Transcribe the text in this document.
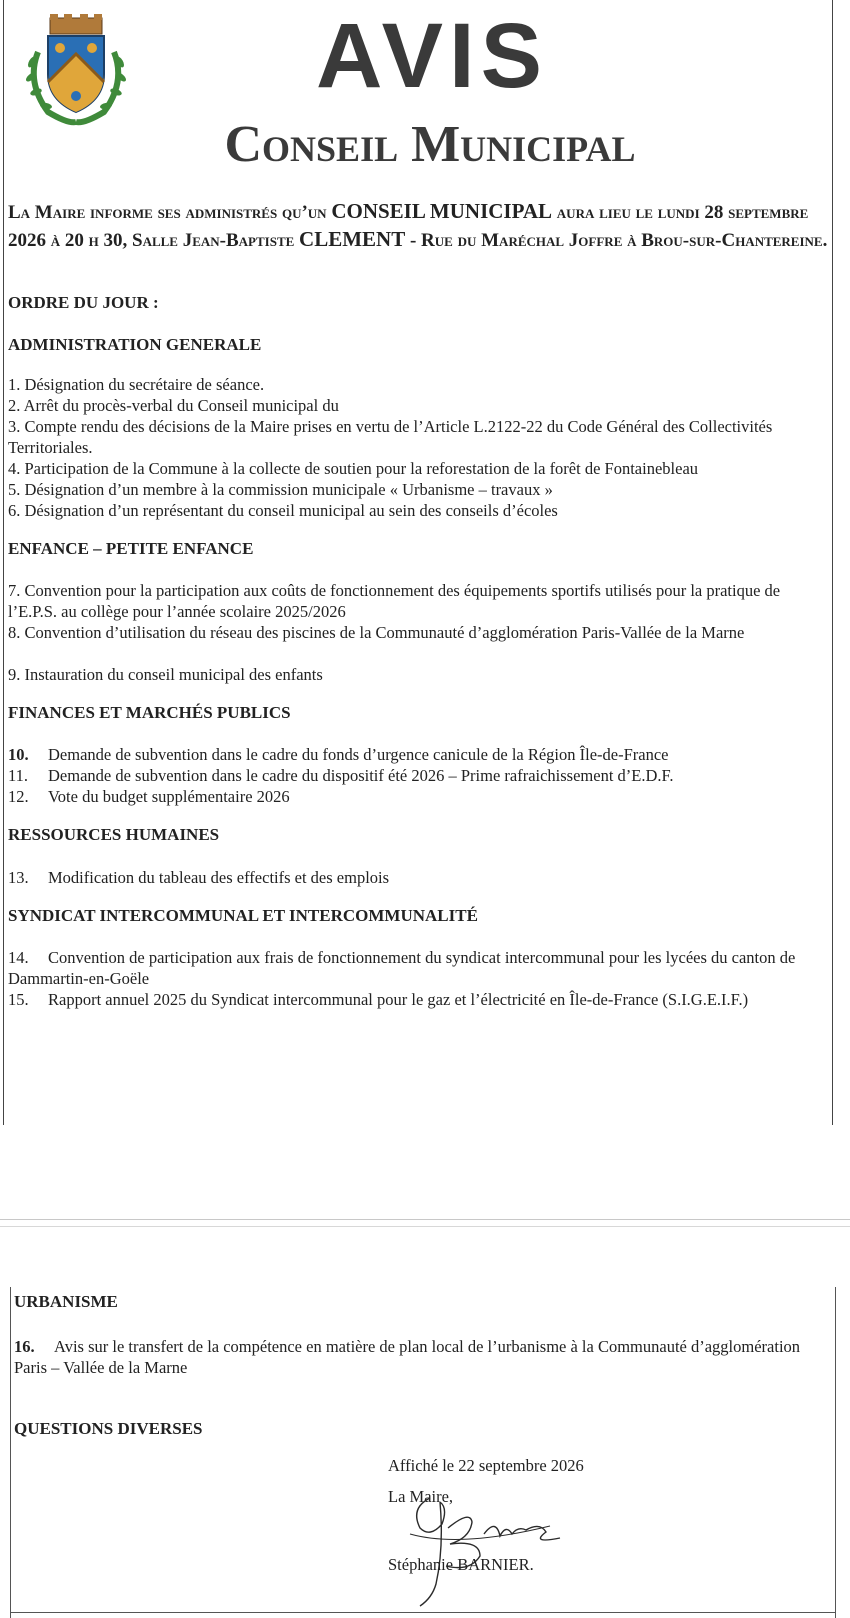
AVIS
Conseil Municipal
La Maire informe ses administrés qu’un CONSEIL MUNICIPAL aura lieu le lundi 28 septembre 2026 à 20 h 30, Salle Jean-Baptiste CLEMENT - Rue du Maréchal Joffre à Brou-sur-Chantereine.
ORDRE DU JOUR :
ADMINISTRATION GENERALE
1. Désignation du secrétaire de séance.
2. Arrêt du procès-verbal du Conseil municipal du
3. Compte rendu des décisions de la Maire prises en vertu de l’Article L.2122-22 du Code Général des Collectivités Territoriales.
4. Participation de la Commune à la collecte de soutien pour la reforestation de la forêt de Fontainebleau
5. Désignation d’un membre à la commission municipale « Urbanisme – travaux »
6. Désignation d’un représentant du conseil municipal au sein des conseils d’écoles
ENFANCE – PETITE ENFANCE
7. Convention pour la participation aux coûts de fonctionnement des équipements sportifs utilisés pour la pratique de l’E.P.S. au collège pour l’année scolaire 2025/2026
8. Convention d’utilisation du réseau des piscines de la Communauté d’agglomération Paris-Vallée de la Marne
9. Instauration du conseil municipal des enfants
FINANCES ET MARCHÉS PUBLICS
10. Demande de subvention dans le cadre du fonds d’urgence canicule de la Région Île-de-France
11. Demande de subvention dans le cadre du dispositif été 2026 – Prime rafraichissement d’E.D.F.
12. Vote du budget supplémentaire 2026
RESSOURCES HUMAINES
13. Modification du tableau des effectifs et des emplois
SYNDICAT INTERCOMMUNAL ET INTERCOMMUNALITÉ
14. Convention de participation aux frais de fonctionnement du syndicat intercommunal pour les lycées du canton de Dammartin-en-Goële
15. Rapport annuel 2025 du Syndicat intercommunal pour le gaz et l’électricité en Île-de-France (S.I.G.E.I.F.)
URBANISME
16. Avis sur le transfert de la compétence en matière de plan local de l’urbanisme à la Communauté d’agglomération Paris – Vallée de la Marne
QUESTIONS DIVERSES
Affiché le 22 septembre 2026
La Maire,
Stéphanie BARNIER.
